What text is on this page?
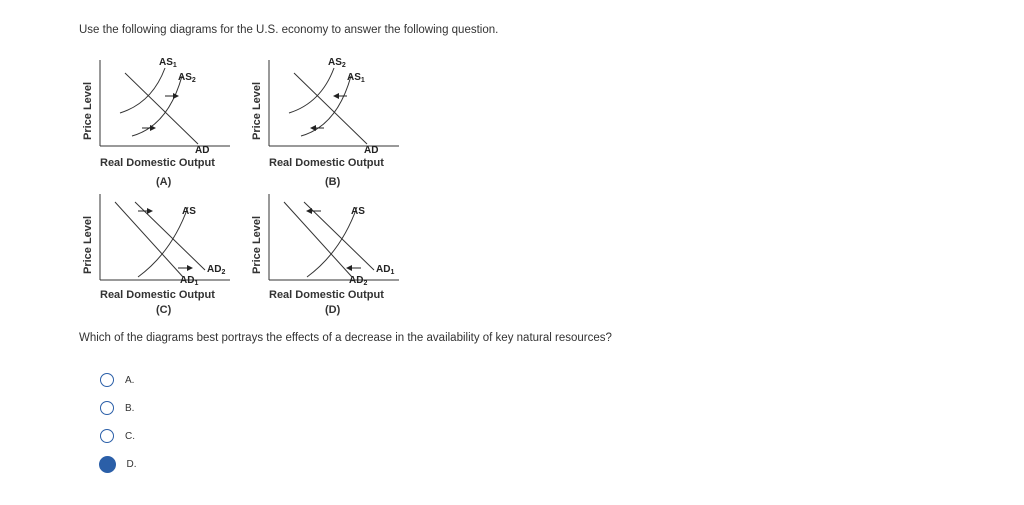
Use the following diagrams for the U.S. economy to answer the following question.
Price Level
$AS_1$
$AS_2$
AD
Real Domestic Output
(A)
Price Level
$AS_2$
$AS_1$
AD
Real Domestic Output
(B)
Price Level
AS
$AD_2$
$AD_1$
Real Domestic Output
(C)
Price Level
AS
$AD_1$
$AD_2$
Real Domestic Output
(D)
Which of the diagrams best portrays the effects of a decrease in the availability of key natural resources?
A.
B.
C.
D.
